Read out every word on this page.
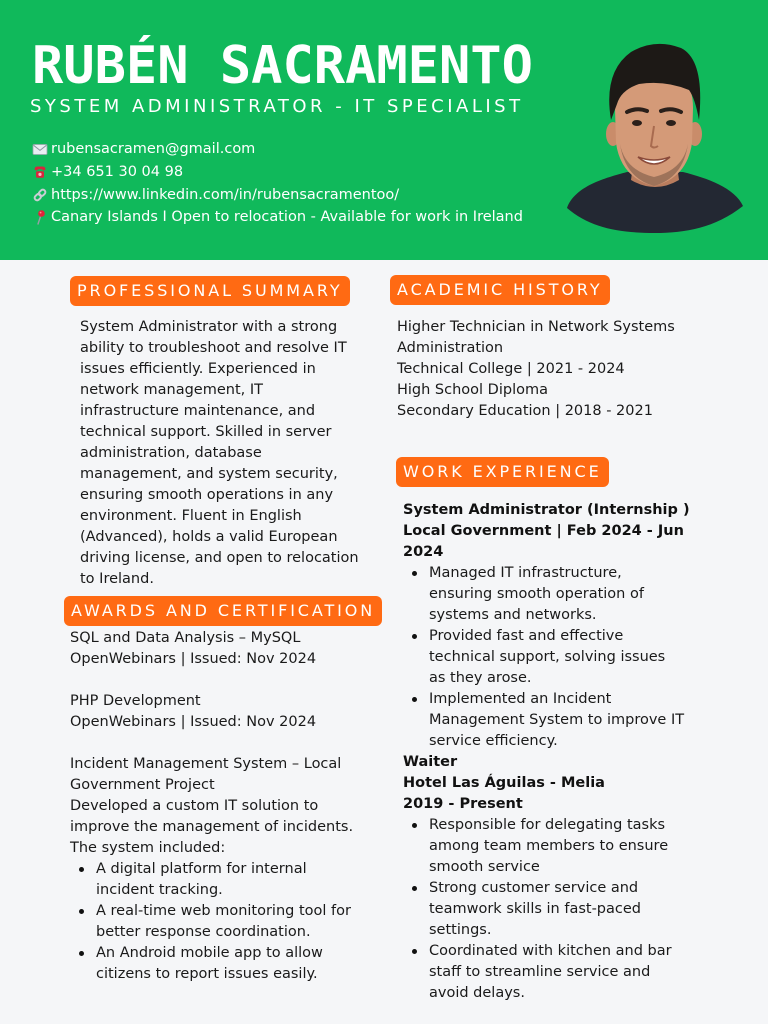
RUBÉN SACRAMENTO
SYSTEM ADMINISTRATOR - IT SPECIALIST
rubensacramen@gmail.com
+34 651 30 04 98
https://www.linkedin.com/in/rubensacramentoo/
Canary Islands I Open to relocation - Available for work in Ireland
PROFESSIONAL SUMMARY
System Administrator with a strong
ability to troubleshoot and resolve IT
issues efficiently. Experienced in
network management, IT
infrastructure maintenance, and
technical support. Skilled in server
administration, database
management, and system security,
ensuring smooth operations in any
environment. Fluent in English
(Advanced), holds a valid European
driving license, and open to relocation
to Ireland.
AWARDS AND CERTIFICATION
SQL and Data Analysis – MySQL
OpenWebinars | Issued: Nov 2024
PHP Development
OpenWebinars | Issued: Nov 2024
Incident Management System – Local
Government Project
Developed a custom IT solution to
improve the management of incidents.
The system included:
A digital platform for internal
incident tracking.
A real-time web monitoring tool for
better response coordination.
An Android mobile app to allow
citizens to report issues easily.
ACADEMIC HISTORY
Higher Technician in Network Systems
Administration
Technical College | 2021 - 2024
High School Diploma
Secondary Education | 2018 - 2021
WORK EXPERIENCE
System Administrator (Internship )
Local Government | Feb 2024 - Jun
2024
Managed IT infrastructure,
ensuring smooth operation of
systems and networks.
Provided fast and effective
technical support, solving issues
as they arose.
Implemented an Incident
Management System to improve IT
service efficiency.
Waiter
Hotel Las Águilas - Melia
2019 - Present
Responsible for delegating tasks
among team members to ensure
smooth service
Strong customer service and
teamwork skills in fast-paced
settings.
Coordinated with kitchen and bar
staff to streamline service and
avoid delays.
